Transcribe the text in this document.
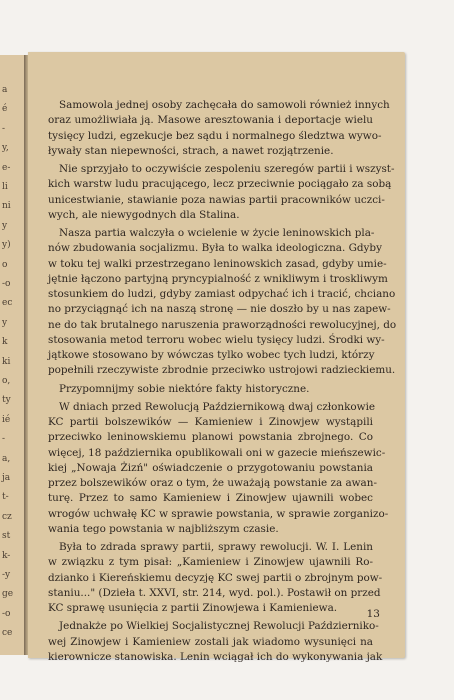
a
é
-
y,
e-
li
ni
y
y)
o
-o
ec
y
k
ki
o,
ty
ié
-
a,
ja
t-
cz
st
k-
-y
ge
-o
ce
Samowola jednej osoby zachęcała do samowoli również innych
oraz umożliwiała ją. Masowe aresztowania i deportacje wielu
tysięcy ludzi, egzekucje bez sądu i normalnego śledztwa wywo-
ływały stan niepewności, strach, a nawet rozjątrzenie.
Nie sprzyjało to oczywiście zespoleniu szeregów partii i wszyst-
kich warstw ludu pracującego, lecz przeciwnie pociągało za sobą
unicestwianie, stawianie poza nawias partii pracowników uczci-
wych, ale niewygodnych dla Stalina.
Nasza partia walczyła o wcielenie w życie leninowskich pla-
nów zbudowania socjalizmu. Była to walka ideologiczna. Gdyby
w toku tej walki przestrzegano leninowskich zasad, gdyby umie-
jętnie łączono partyjną pryncypialność z wnikliwym i troskliwym
stosunkiem do ludzi, gdyby zamiast odpychać ich i tracić, chciano
no przyciągnąć ich na naszą stronę — nie doszło by u nas zapew-
ne do tak brutalnego naruszenia praworządności rewolucyjnej, do
stosowania metod terroru wobec wielu tysięcy ludzi. Środki wy-
jątkowe stosowano by wówczas tylko wobec tych ludzi, którzy
popełnili rzeczywiste zbrodnie przeciwko ustrojowi radzieckiemu.
Przypomnijmy sobie niektóre fakty historyczne.
W dniach przed Rewolucją Październikową dwaj członkowie
KC partii bolszewików — Kamieniew i Zinowjew wystąpili
przeciwko leninowskiemu planowi powstania zbrojnego. Co
więcej, 18 października opublikowali oni w gazecie mieńszewic-
kiej „Nowaja Żizń" oświadczenie o przygotowaniu powstania
przez bolszewików oraz o tym, że uważają powstanie za awan-
turę. Przez to samo Kamieniew i Zinowjew ujawnili wobec
wrogów uchwałę KC w sprawie powstania, w sprawie zorganizo-
wania tego powstania w najbliższym czasie.
Była to zdrada sprawy partii, sprawy rewolucji. W. I. Lenin
w związku z tym pisał: „Kamieniew i Zinowjew ujawnili Ro-
dzianko i Kiereńskiemu decyzję KC swej partii o zbrojnym pow-
staniu..." (Dzieła t. XXVI, str. 214, wyd. pol.). Postawił on przed
KC sprawę usunięcia z partii Zinowjewa i Kamieniewa.
Jednakże po Wielkiej Socjalistycznej Rewolucji Październiko-
wej Zinowjew i Kamieniew zostali jak wiadomo wysunięci na
kierownicze stanowiska. Lenin wciągał ich do wykonywania jak
13
